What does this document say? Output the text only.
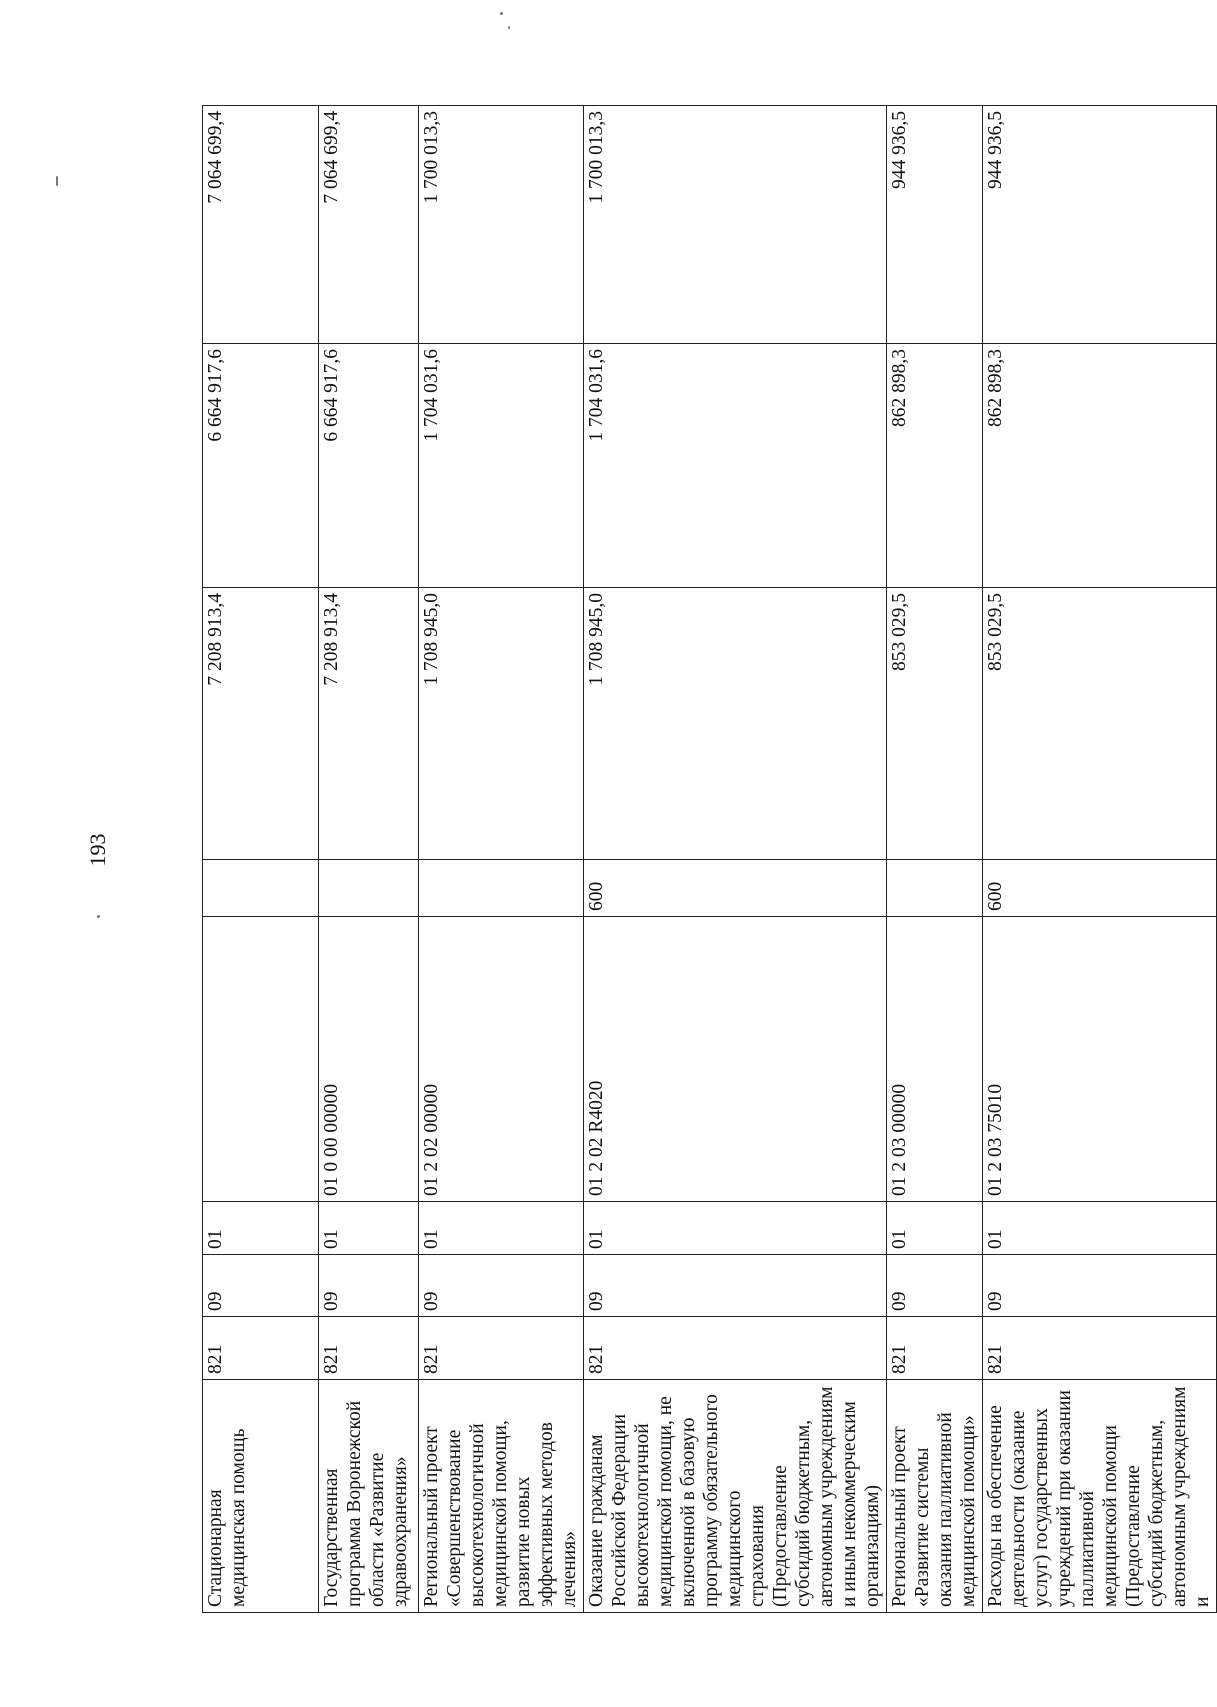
193
Стационарная медицинская помощь	821	09	01			7 208 913,4	6 664 917,6	7 064 699,4
Государственная программа Воронежской области «Развитие здравоохранения»	821	09	01	01 0 00 00000		7 208 913,4	6 664 917,6	7 064 699,4
Региональный проект «Совершенствование высокотехнологичной медицинской помощи, развитие новых эффективных методов лечения»	821	09	01	01 2 02 00000		1 708 945,0	1 704 031,6	1 700 013,3
Оказание гражданам Российской Федерации высокотехнологичной медицинской помощи, не включенной в базовую программу обязательного медицинского страхования (Предоставление субсидий бюджетным, автономным учреждениям и иным некоммерческим организациям)	821	09	01	01 2 02 R4020	600	1 708 945,0	1 704 031,6	1 700 013,3
Региональный проект «Развитие системы оказания паллиативной медицинской помощи»	821	09	01	01 2 03 00000		853 029,5	862 898,3	944 936,5
Расходы на обеспечение деятельности (оказание услуг) государственных учреждений при оказании паллиативной медицинской помощи (Предоставление субсидий бюджетным, автономным учреждениям и	821	09	01	01 2 03 75010	600	853 029,5	862 898,3	944 936,5
